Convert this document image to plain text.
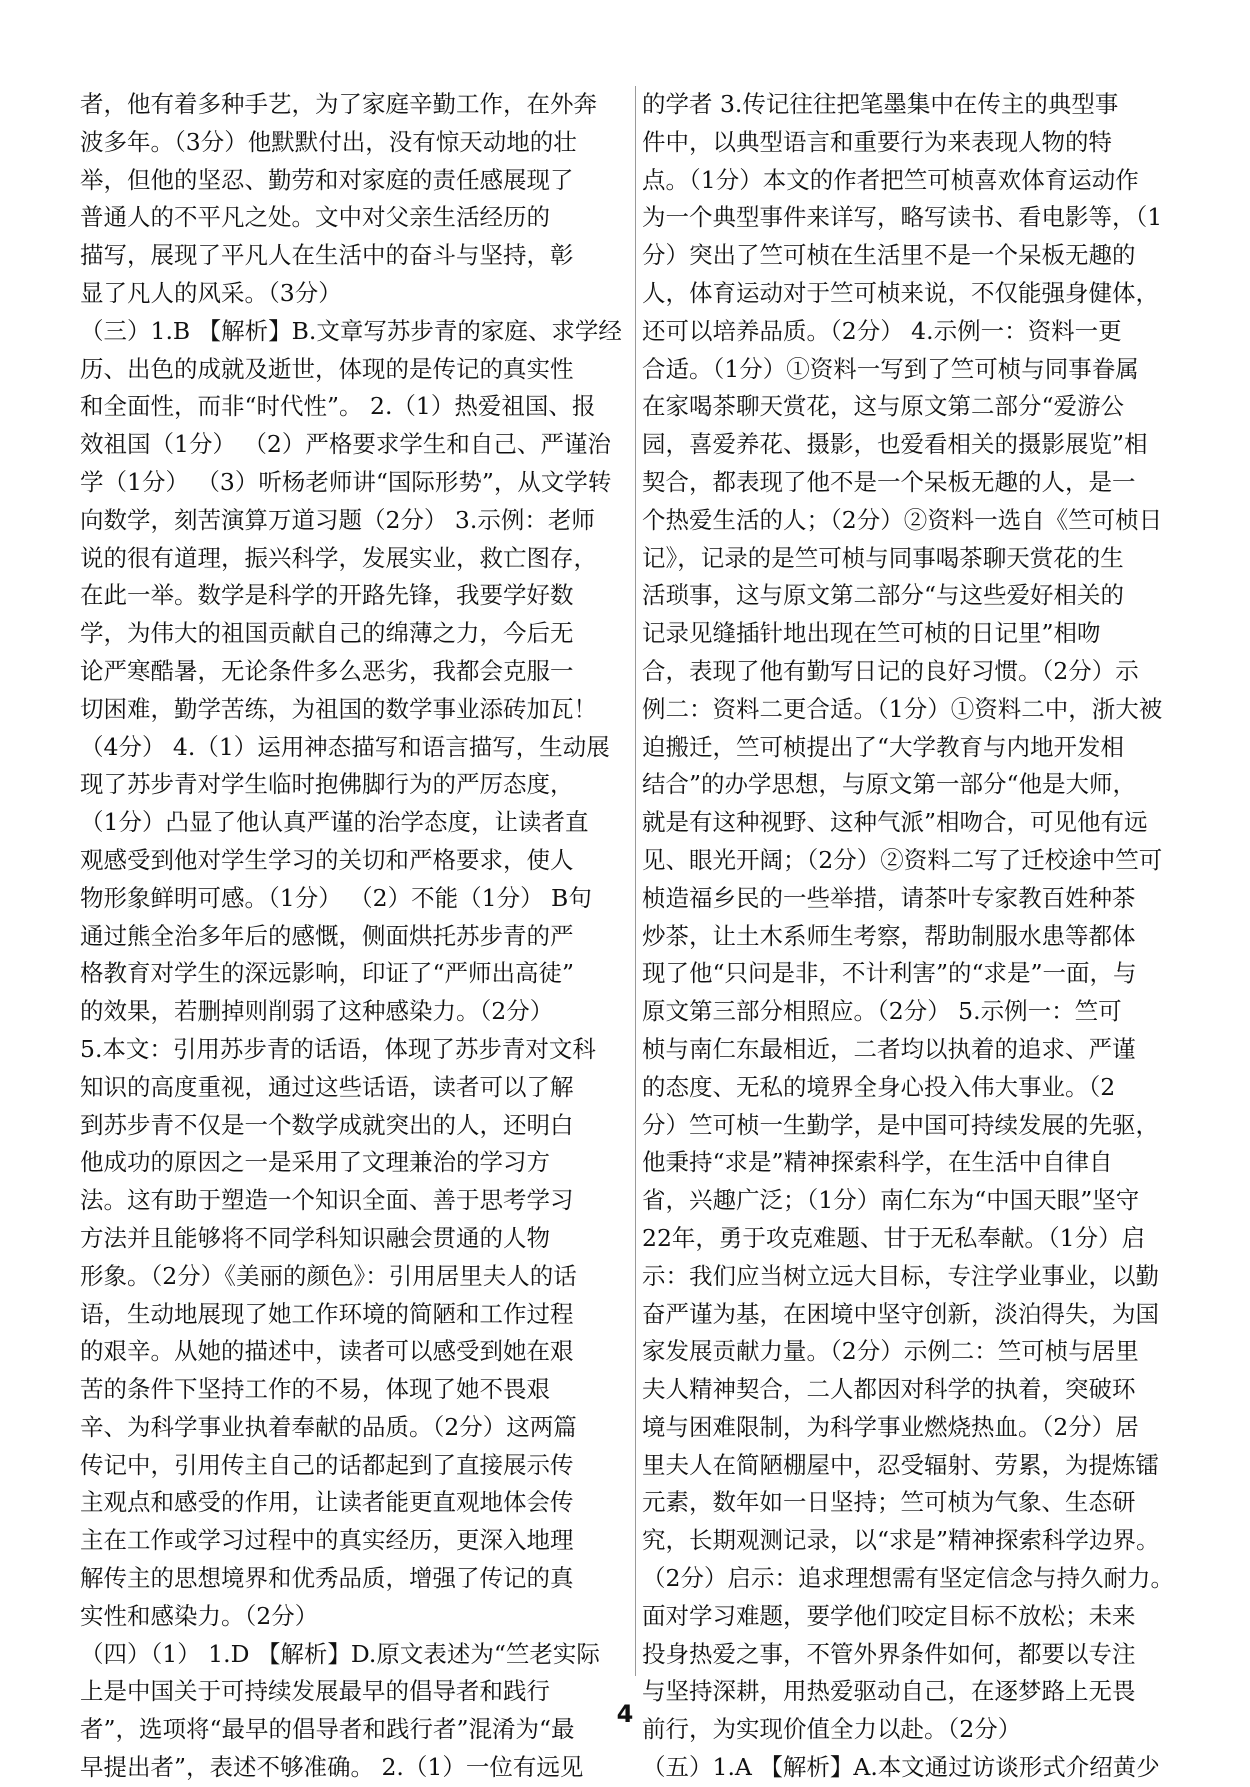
者，他有着多种手艺，为了家庭辛勤工作，在外奔
波多年。（3分）他默默付出，没有惊天动地的壮
举，但他的坚忍、勤劳和对家庭的责任感展现了
普通人的不平凡之处。文中对父亲生活经历的
描写，展现了平凡人在生活中的奋斗与坚持，彰
显了凡人的风采。（3分）
（三）1.B 【解析】B.文章写苏步青的家庭、求学经
历、出色的成就及逝世，体现的是传记的真实性
和全面性，而非“时代性”。 2.（1）热爱祖国、报
效祖国（1分） （2）严格要求学生和自己、严谨治
学（1分） （3）听杨老师讲“国际形势”，从文学转
向数学，刻苦演算万道习题（2分） 3.示例：老师
说的很有道理，振兴科学，发展实业，救亡图存，
在此一举。数学是科学的开路先锋，我要学好数
学，为伟大的祖国贡献自己的绵薄之力，今后无
论严寒酷暑，无论条件多么恶劣，我都会克服一
切困难，勤学苦练，为祖国的数学事业添砖加瓦！
（4分） 4.（1）运用神态描写和语言描写，生动展
现了苏步青对学生临时抱佛脚行为的严厉态度，
（1分）凸显了他认真严谨的治学态度，让读者直
观感受到他对学生学习的关切和严格要求，使人
物形象鲜明可感。（1分） （2）不能（1分） B句
通过熊全治多年后的感慨，侧面烘托苏步青的严
格教育对学生的深远影响，印证了“严师出高徒”
的效果，若删掉则削弱了这种感染力。（2分）
5.本文：引用苏步青的话语，体现了苏步青对文科
知识的高度重视，通过这些话语，读者可以了解
到苏步青不仅是一个数学成就突出的人，还明白
他成功的原因之一是采用了文理兼治的学习方
法。这有助于塑造一个知识全面、善于思考学习
方法并且能够将不同学科知识融会贯通的人物
形象。（2分）《美丽的颜色》：引用居里夫人的话
语，生动地展现了她工作环境的简陋和工作过程
的艰辛。从她的描述中，读者可以感受到她在艰
苦的条件下坚持工作的不易，体现了她不畏艰
辛、为科学事业执着奉献的品质。（2分）这两篇
传记中，引用传主自己的话都起到了直接展示传
主观点和感受的作用，让读者能更直观地体会传
主在工作或学习过程中的真实经历，更深入地理
解传主的思想境界和优秀品质，增强了传记的真
实性和感染力。（2分）
（四）（1） 1.D 【解析】D.原文表述为“竺老实际
上是中国关于可持续发展最早的倡导者和践行
者”，选项将“最早的倡导者和践行者”混淆为“最
早提出者”，表述不够准确。 2.（1）一位有远见
的学者 3.传记往往把笔墨集中在传主的典型事
件中，以典型语言和重要行为来表现人物的特
点。（1分）本文的作者把竺可桢喜欢体育运动作
为一个典型事件来详写，略写读书、看电影等，（1
分）突出了竺可桢在生活里不是一个呆板无趣的
人，体育运动对于竺可桢来说，不仅能强身健体，
还可以培养品质。（2分） 4.示例一：资料一更
合适。（1分）①资料一写到了竺可桢与同事眷属
在家喝茶聊天赏花，这与原文第二部分“爱游公
园，喜爱养花、摄影，也爱看相关的摄影展览”相
契合，都表现了他不是一个呆板无趣的人，是一
个热爱生活的人；（2分）②资料一选自《竺可桢日
记》，记录的是竺可桢与同事喝茶聊天赏花的生
活琐事，这与原文第二部分“与这些爱好相关的
记录见缝插针地出现在竺可桢的日记里”相吻
合，表现了他有勤写日记的良好习惯。（2分）示
例二：资料二更合适。（1分）①资料二中，浙大被
迫搬迁，竺可桢提出了“大学教育与内地开发相
结合”的办学思想，与原文第一部分“他是大师，
就是有这种视野、这种气派”相吻合，可见他有远
见、眼光开阔；（2分）②资料二写了迁校途中竺可
桢造福乡民的一些举措，请茶叶专家教百姓种茶
炒茶，让土木系师生考察，帮助制服水患等都体
现了他“只问是非，不计利害”的“求是”一面，与
原文第三部分相照应。（2分） 5.示例一：竺可
桢与南仁东最相近，二者均以执着的追求、严谨
的态度、无私的境界全身心投入伟大事业。（2
分）竺可桢一生勤学，是中国可持续发展的先驱，
他秉持“求是”精神探索科学，在生活中自律自
省，兴趣广泛；（1分）南仁东为“中国天眼”坚守
22年，勇于攻克难题、甘于无私奉献。（1分）启
示：我们应当树立远大目标，专注学业事业，以勤
奋严谨为基，在困境中坚守创新，淡泊得失，为国
家发展贡献力量。（2分）示例二：竺可桢与居里
夫人精神契合，二人都因对科学的执着，突破环
境与困难限制，为科学事业燃烧热血。（2分）居
里夫人在简陋棚屋中，忍受辐射、劳累，为提炼镭
元素，数年如一日坚持；竺可桢为气象、生态研
究，长期观测记录，以“求是”精神探索科学边界。
（2分）启示：追求理想需有坚定信念与持久耐力。
面对学习难题，要学他们咬定目标不放松；未来
投身热爱之事，不管外界条件如何，都要以专注
与坚持深耕，用热爱驱动自己，在逐梦路上无畏
前行，为实现价值全力以赴。（2分）
（五）1.A 【解析】A.本文通过访谈形式介绍黄少
4
